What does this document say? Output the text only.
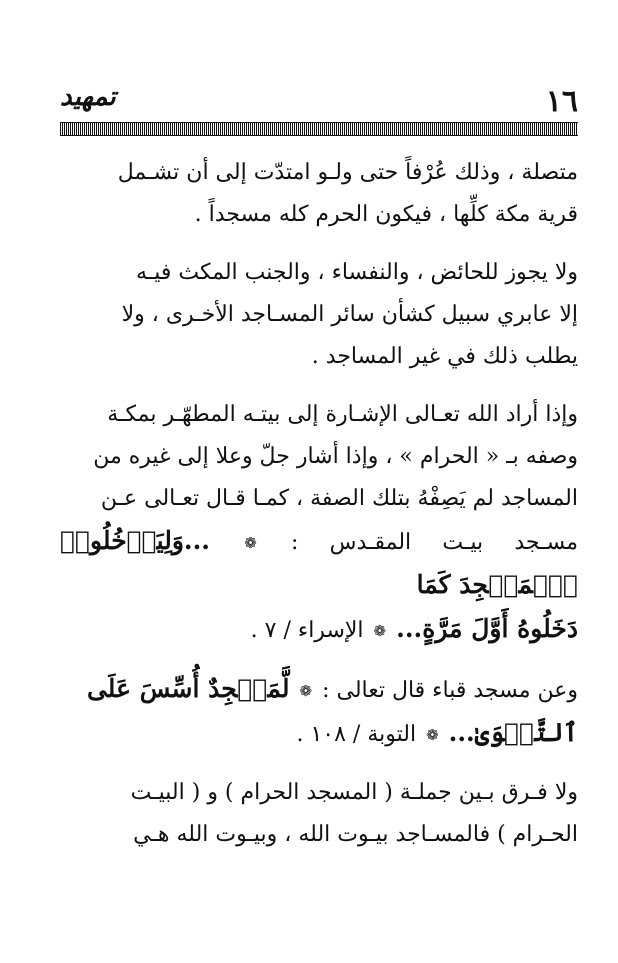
١٦
تمهيد

متصلة ، وذلك عُرْفاً حتى ولـو امتدّت إلى أن تشـمل
قرية مكة كلِّها ، فيكون الحرم كله مسجداً .

ولا يجوز للحائض ، والنفساء ، والجنب المكث فيـه
إلا عابري سبيل كشأن سائر المسـاجد الأخـرى ، ولا
يطلب ذلك في غير المساجد .

وإذا أراد الله تعـالى الإشـارة إلى بيتـه المطهّـر بمكـة
وصفه بـ « الحرام » ، وإذا أشار جلّ وعلا إلى غيره من
المساجد لم يَصِفْهُ بتلك الصفة ، كمـا قـال تعـالى عـن
مسـجد بيـت المقـدس : ❁ ...وَلِيَدۡخُلُوا۟ ٱلۡمَسۡجِدَ كَمَا
دَخَلُوهُ أَوَّلَ مَرَّةٍ... ❁ الإسراء / ٧ .

وعن مسجد قباء قال تعالى : ❁ لَّمَسۡجِدٌ أُسِّسَ عَلَى
ٱلتَّقۡوَىٰ... ❁ التوبة / ١٠٨ .

ولا فـرق بـين جملـة ( المسجد الحرام ) و ( البيـت
الحـرام ) فالمسـاجد بيـوت الله ، وبيـوت الله هـي
